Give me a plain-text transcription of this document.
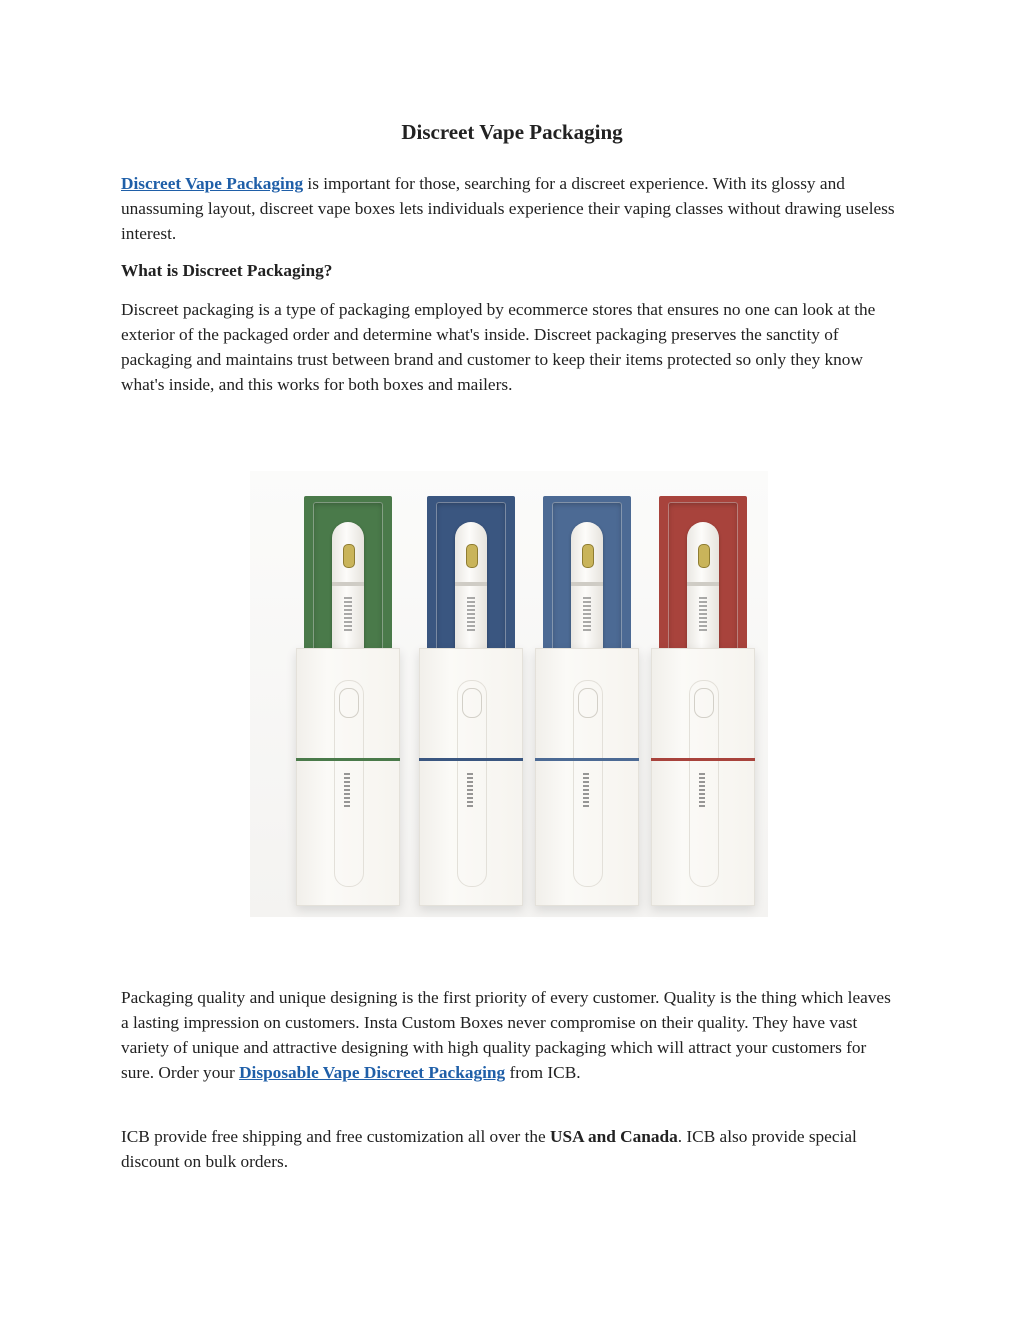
Discreet Vape Packaging

Discreet Vape Packaging is important for those, searching for a discreet experience. With its glossy and unassuming layout, discreet vape boxes lets individuals experience their vaping classes without drawing useless interest.

What is Discreet Packaging?

Discreet packaging is a type of packaging employed by ecommerce stores that ensures no one can look at the exterior of the packaged order and determine what's inside. Discreet packaging preserves the sanctity of packaging and maintains trust between brand and customer to keep their items protected so only they know what's inside, and this works for both boxes and mailers.

Packaging quality and unique designing is the first priority of every customer. Quality is the thing which leaves a lasting impression on customers. Insta Custom Boxes never compromise on their quality. They have vast variety of unique and attractive designing with high quality packaging which will attract your customers for sure. Order your Disposable Vape Discreet Packaging from ICB.

ICB provide free shipping and free customization all over the USA and Canada. ICB also provide special discount on bulk orders.
